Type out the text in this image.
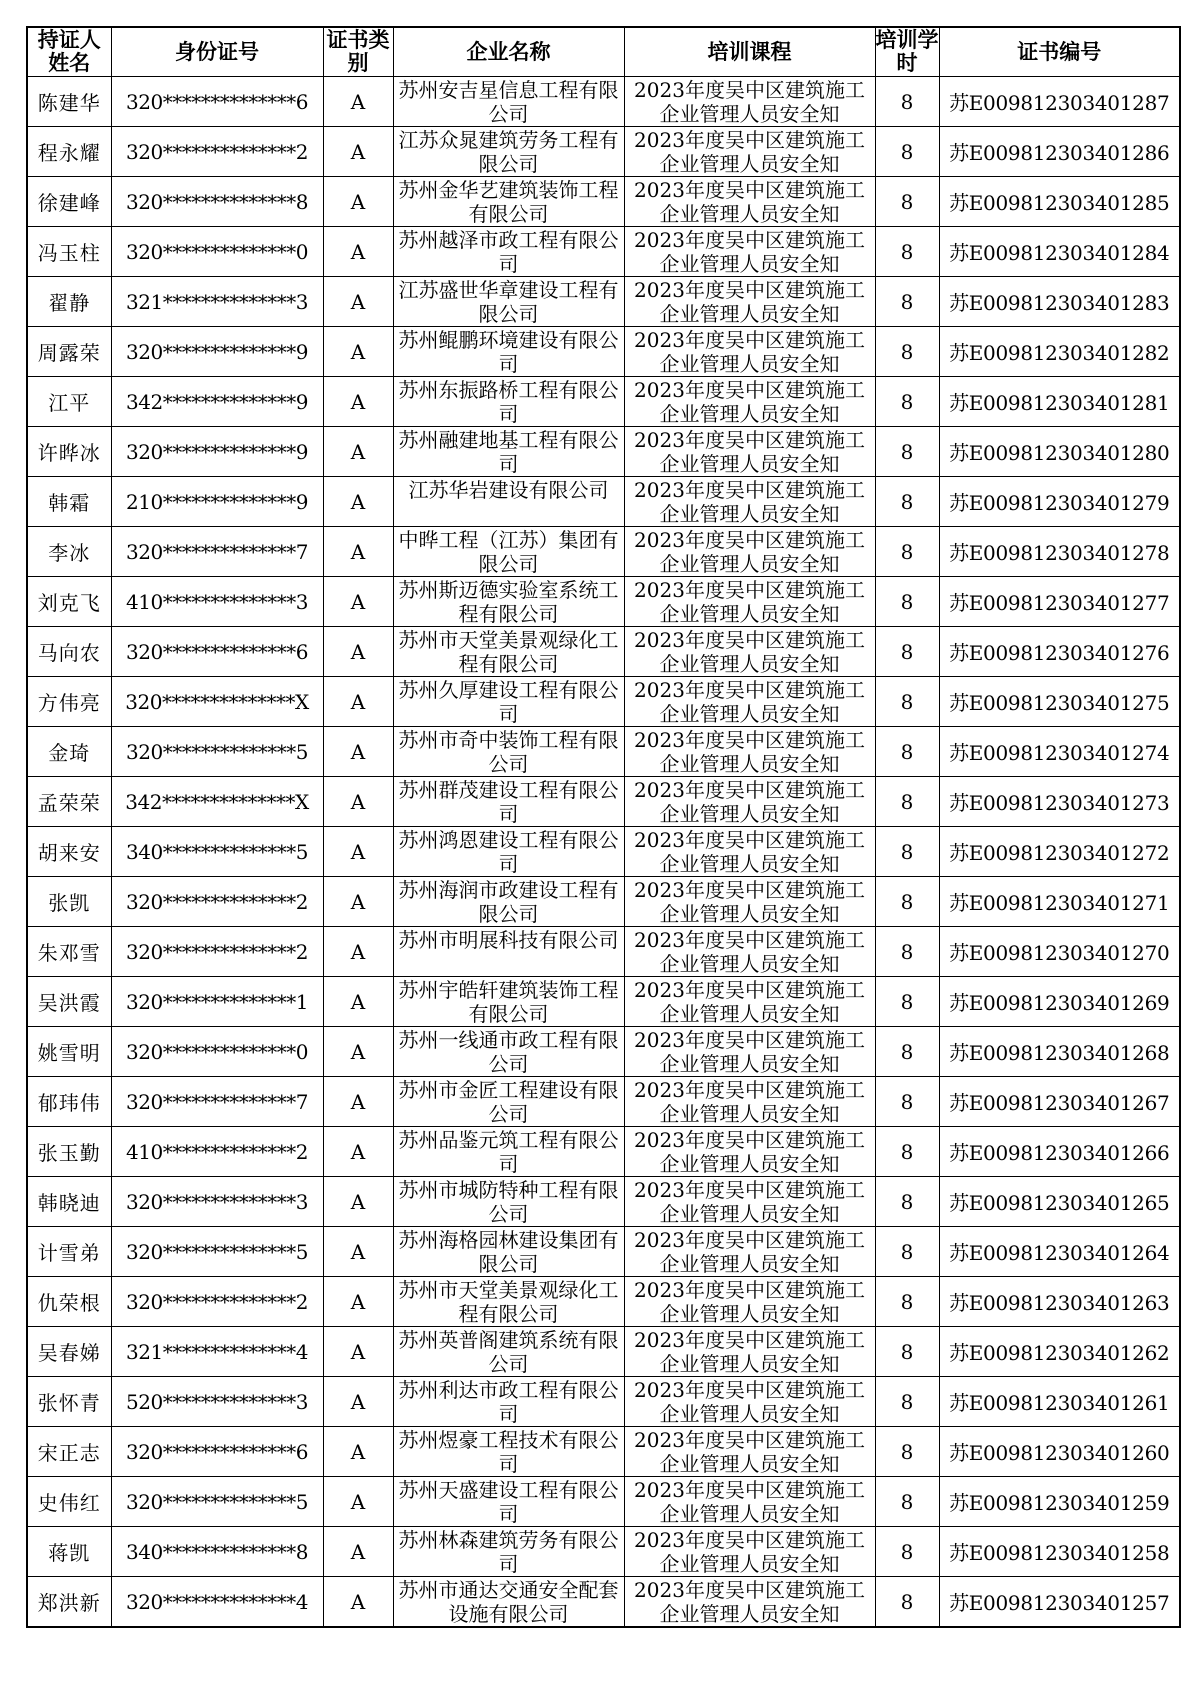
持证人姓名	身份证号	证书类别	企业名称	培训课程	培训学时	证书编号
陈建华	320**************6	A	苏州安吉星信息工程有限公司	2023年度吴中区建筑施工企业管理人员安全知	8	苏E009812303401287
程永耀	320**************2	A	江苏众晁建筑劳务工程有限公司	2023年度吴中区建筑施工企业管理人员安全知	8	苏E009812303401286
徐建峰	320**************8	A	苏州金华艺建筑装饰工程有限公司	2023年度吴中区建筑施工企业管理人员安全知	8	苏E009812303401285
冯玉柱	320**************0	A	苏州越泽市政工程有限公司	2023年度吴中区建筑施工企业管理人员安全知	8	苏E009812303401284
翟静	321**************3	A	江苏盛世华章建设工程有限公司	2023年度吴中区建筑施工企业管理人员安全知	8	苏E009812303401283
周露荣	320**************9	A	苏州鲲鹏环境建设有限公司	2023年度吴中区建筑施工企业管理人员安全知	8	苏E009812303401282
江平	342**************9	A	苏州东振路桥工程有限公司	2023年度吴中区建筑施工企业管理人员安全知	8	苏E009812303401281
许晔冰	320**************9	A	苏州融建地基工程有限公司	2023年度吴中区建筑施工企业管理人员安全知	8	苏E009812303401280
韩霜	210**************9	A	江苏华岩建设有限公司	2023年度吴中区建筑施工企业管理人员安全知	8	苏E009812303401279
李冰	320**************7	A	中晔工程（江苏）集团有限公司	2023年度吴中区建筑施工企业管理人员安全知	8	苏E009812303401278
刘克飞	410**************3	A	苏州斯迈德实验室系统工程有限公司	2023年度吴中区建筑施工企业管理人员安全知	8	苏E009812303401277
马向农	320**************6	A	苏州市天堂美景观绿化工程有限公司	2023年度吴中区建筑施工企业管理人员安全知	8	苏E009812303401276
方伟亮	320**************X	A	苏州久厚建设工程有限公司	2023年度吴中区建筑施工企业管理人员安全知	8	苏E009812303401275
金琦	320**************5	A	苏州市奇中装饰工程有限公司	2023年度吴中区建筑施工企业管理人员安全知	8	苏E009812303401274
孟荣荣	342**************X	A	苏州群茂建设工程有限公司	2023年度吴中区建筑施工企业管理人员安全知	8	苏E009812303401273
胡来安	340**************5	A	苏州鸿恩建设工程有限公司	2023年度吴中区建筑施工企业管理人员安全知	8	苏E009812303401272
张凯	320**************2	A	苏州海润市政建设工程有限公司	2023年度吴中区建筑施工企业管理人员安全知	8	苏E009812303401271
朱邓雪	320**************2	A	苏州市明展科技有限公司	2023年度吴中区建筑施工企业管理人员安全知	8	苏E009812303401270
吴洪霞	320**************1	A	苏州宇皓轩建筑装饰工程有限公司	2023年度吴中区建筑施工企业管理人员安全知	8	苏E009812303401269
姚雪明	320**************0	A	苏州一线通市政工程有限公司	2023年度吴中区建筑施工企业管理人员安全知	8	苏E009812303401268
郁玮伟	320**************7	A	苏州市金匠工程建设有限公司	2023年度吴中区建筑施工企业管理人员安全知	8	苏E009812303401267
张玉勤	410**************2	A	苏州品鉴元筑工程有限公司	2023年度吴中区建筑施工企业管理人员安全知	8	苏E009812303401266
韩晓迪	320**************3	A	苏州市城防特种工程有限公司	2023年度吴中区建筑施工企业管理人员安全知	8	苏E009812303401265
计雪弟	320**************5	A	苏州海格园林建设集团有限公司	2023年度吴中区建筑施工企业管理人员安全知	8	苏E009812303401264
仇荣根	320**************2	A	苏州市天堂美景观绿化工程有限公司	2023年度吴中区建筑施工企业管理人员安全知	8	苏E009812303401263
吴春娣	321**************4	A	苏州英普阁建筑系统有限公司	2023年度吴中区建筑施工企业管理人员安全知	8	苏E009812303401262
张怀青	520**************3	A	苏州利达市政工程有限公司	2023年度吴中区建筑施工企业管理人员安全知	8	苏E009812303401261
宋正志	320**************6	A	苏州煜豪工程技术有限公司	2023年度吴中区建筑施工企业管理人员安全知	8	苏E009812303401260
史伟红	320**************5	A	苏州天盛建设工程有限公司	2023年度吴中区建筑施工企业管理人员安全知	8	苏E009812303401259
蒋凯	340**************8	A	苏州林森建筑劳务有限公司	2023年度吴中区建筑施工企业管理人员安全知	8	苏E009812303401258
郑洪新	320**************4	A	苏州市通达交通安全配套设施有限公司	2023年度吴中区建筑施工企业管理人员安全知	8	苏E009812303401257
